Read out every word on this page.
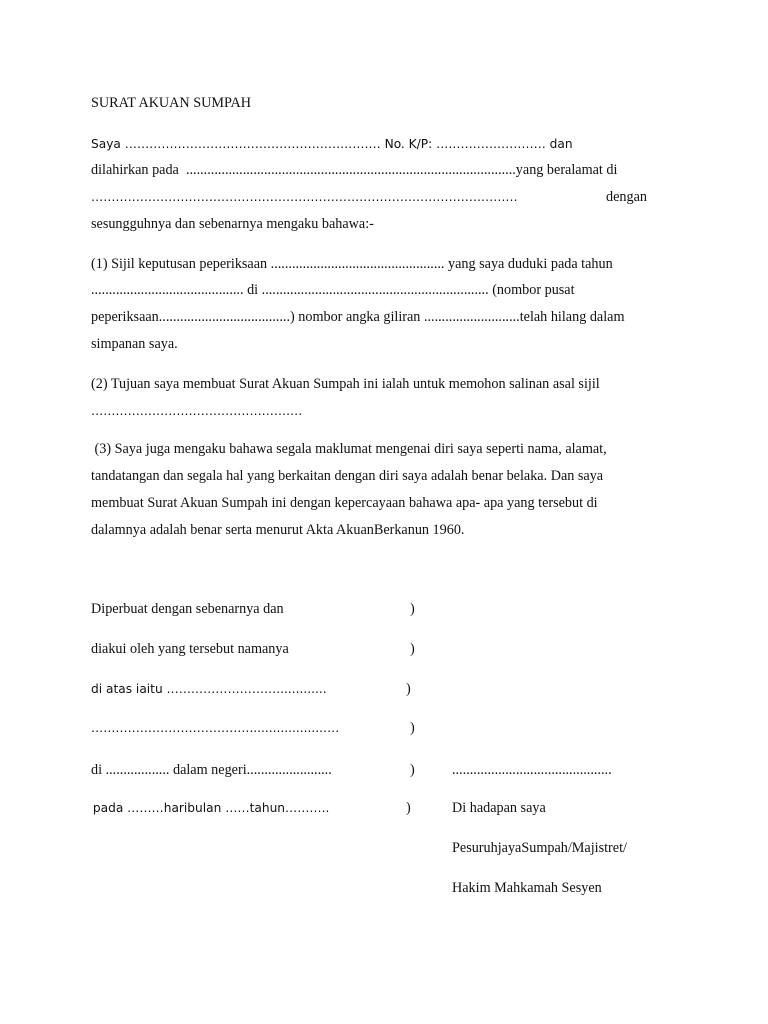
SURAT AKUAN SUMPAH

Saya ……………………………………………………… No. K/P: ……………………… dan

dilahirkan pada  .............................................................................................yang beralamat di

……………………………………………………………………………………………	dengan

sesungguhnya dan sebenarnya mengaku bahawa:-

(1) Sijil keputusan peperiksaan ................................................. yang saya duduki pada tahun

........................................... di ................................................................ (nombor pusat

peperiksaan.....................................) nombor angka giliran ...........................telah hilang dalam

simpanan saya.

(2) Tujuan saya membuat Surat Akuan Sumpah ini ialah untuk memohon salinan asal sijil

…………………………………………….

(3) Saya juga mengaku bahawa segala maklumat mengenai diri saya seperti nama, alamat,

tandatangan dan segala hal yang berkaitan dengan diri saya adalah benar belaka. Dan saya

membuat Surat Akuan Sumpah ini dengan kepercayaan bahawa apa- apa yang tersebut di

dalamnya adalah benar serta menurut Akta AkuanBerkanun 1960.

Diperbuat dengan sebenarnya dan	)

diakui oleh yang tersebut namanya	)

di atas iaitu ……………………….............	)

…………………………………...................….	)

di .................. dalam negeri........................	)

pada ………haribulan ……tahun………..	)

.............................................

Di hadapan saya

PesuruhjayaSumpah/Majistret/

Hakim Mahkamah Sesyen
